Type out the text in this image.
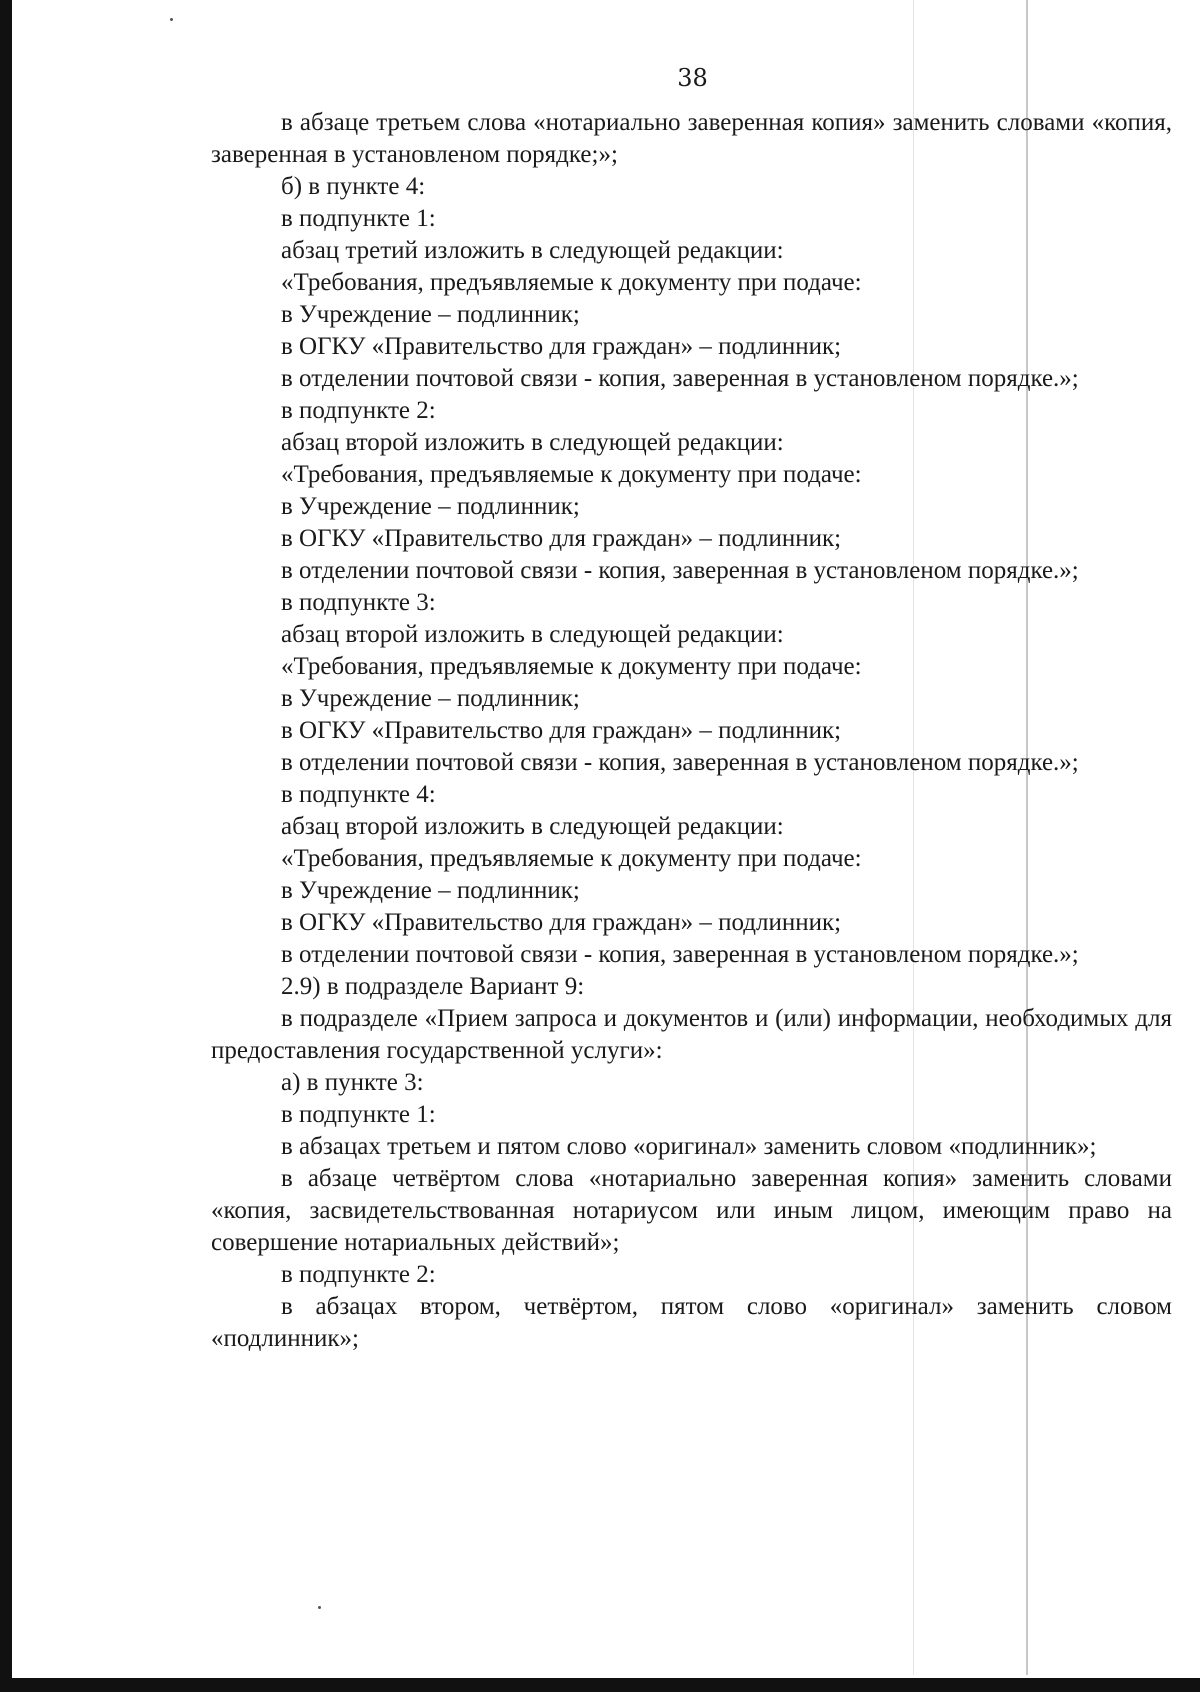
38

в абзаце третьем слова «нотариально заверенная копия» заменить словами «копия, заверенная в установленом порядке;»;

б) в пункте 4:

в подпункте 1:

абзац третий изложить в следующей редакции:

«Требования, предъявляемые к документу при подаче:

в Учреждение – подлинник;

в ОГКУ «Правительство для граждан» – подлинник;

в отделении почтовой связи - копия, заверенная в установленом порядке.»;

в подпункте 2:

абзац второй изложить в следующей редакции:

«Требования, предъявляемые к документу при подаче:

в Учреждение – подлинник;

в ОГКУ «Правительство для граждан» – подлинник;

в отделении почтовой связи - копия, заверенная в установленом порядке.»;

в подпункте 3:

абзац второй изложить в следующей редакции:

«Требования, предъявляемые к документу при подаче:

в Учреждение – подлинник;

в ОГКУ «Правительство для граждан» – подлинник;

в отделении почтовой связи - копия, заверенная в установленом порядке.»;

в подпункте 4:

абзац второй изложить в следующей редакции:

«Требования, предъявляемые к документу при подаче:

в Учреждение – подлинник;

в ОГКУ «Правительство для граждан» – подлинник;

в отделении почтовой связи - копия, заверенная в установленом порядке.»;

2.9) в подразделе Вариант 9:

в подразделе «Прием запроса и документов и (или) информации, необходимых для предоставления государственной услуги»:

а) в пункте 3:

в подпункте 1:

в абзацах третьем и пятом слово «оригинал» заменить словом «подлинник»;

в абзаце четвёртом слова «нотариально заверенная копия» заменить словами «копия, засвидетельствованная нотариусом или иным лицом, имеющим право на совершение нотариальных действий»;

в подпункте 2:

в абзацах втором, четвёртом, пятом слово «оригинал» заменить словом «подлинник»;
